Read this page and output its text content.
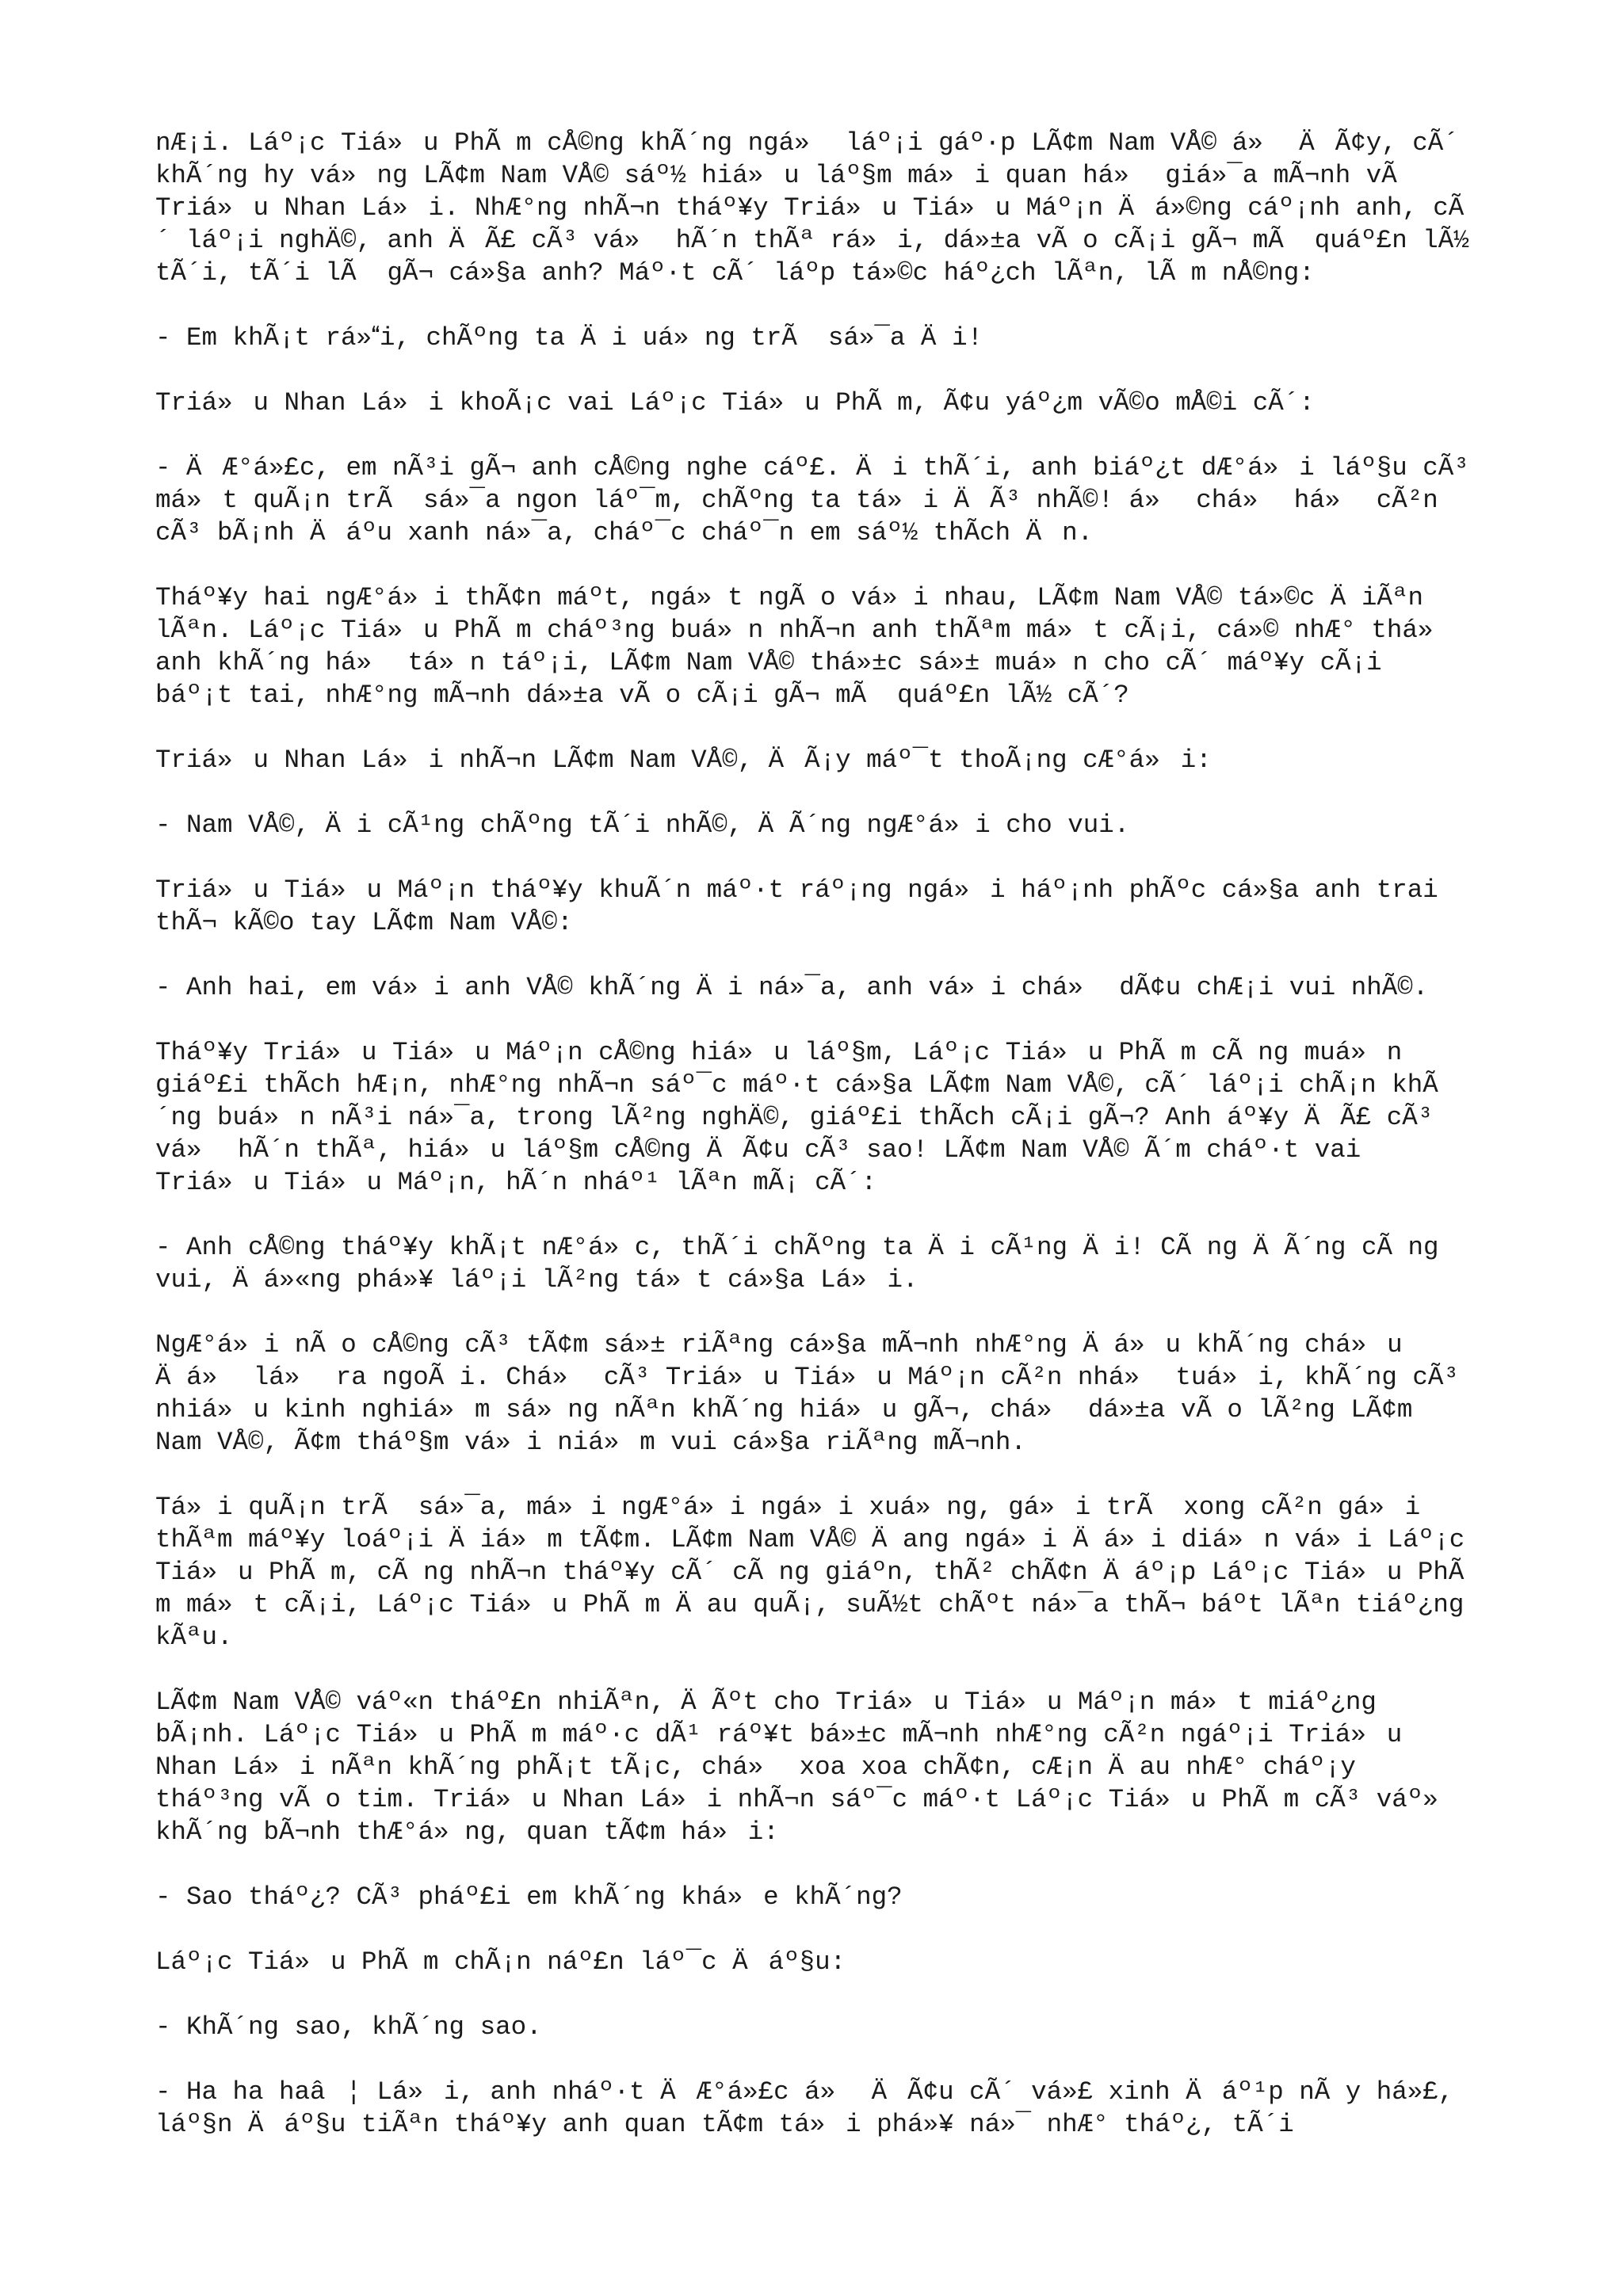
nÆ¡i. Láº¡c Tiá»u PhÃ m cÅ©ng khÃ´ng ngá» láº¡i gáº·p LÃ¢m Nam VÅ© á» ÄÃ¢y, cÃ´ khÃ´ng hy vá»ng LÃ¢m Nam VÅ© sáº½ hiá»u láº§m má»i quan há» giá»¯a mÃ¬nh vÃ  Triá»u Nhan Lá»i. NhÆ°ng nhÃ¬n tháº¥y Triá»u Tiá»u Máº¡n Äá»©ng cáº¡nh anh, cÃ´ láº¡i nghÄ©, anh ÄÃ£ cÃ³ vá» hÃ´n thÃª rá»i, dá»±a vÃ o cÃ¡i gÃ¬ mÃ  quáº£n lÃ½ tÃ´i, tÃ´i lÃ  gÃ¬ cá»§a anh? Máº·t cÃ´ láºp tá»©c háº¿ch lÃªn, lÃ m nÅ©ng:

- Em khÃ¡t rá»i, chÃºng ta Äi uá»ng trÃ  sá»¯a Äi!

Triá»u Nhan Lá»i khoÃ¡c vai Láº¡c Tiá»u PhÃ m, Ã¢u yáº¿m vÃ©o mÅ©i cÃ´:

- ÄÆ°á»£c, em nÃ³i gÃ¬ anh cÅ©ng nghe cáº£. Äi thÃ´i, anh biáº¿t dÆ°á»i láº§u cÃ³ má»t quÃ¡n trÃ  sá»¯a ngon láº¯m, chÃºng ta tá»i ÄÃ³ nhÃ©! á» chá» há» cÃ²n cÃ³ bÃ¡nh Äáºu xanh ná»¯a, cháº¯c cháº¯n em sáº½ thÃch Än.

Tháº¥y hai ngÆ°á»i thÃ¢n máºt, ngá»t ngÃ o vá»i nhau, LÃ¢m Nam VÅ© tá»©c ÄiÃªn lÃªn. Láº¡c Tiá»u PhÃ m cháº³ng buá»n nhÃ¬n anh thÃªm má»t cÃ¡i, cá»© nhÆ° thá» anh khÃ´ng há» tá»n táº¡i, LÃ¢m Nam VÅ© thá»±c sá»± muá»n cho cÃ´ máº¥y cÃ¡i báº¡t tai, nhÆ°ng mÃ¬nh dá»±a vÃ o cÃ¡i gÃ¬ mÃ  quáº£n lÃ½ cÃ´?

Triá»u Nhan Lá»i nhÃ¬n LÃ¢m Nam VÅ©, ÄÃ¡y máº¯t thoÃ¡ng cÆ°á»i:

- Nam VÅ©, Äi cÃ¹ng chÃºng tÃ´i nhÃ©, ÄÃ´ng ngÆ°á»i cho vui.

Triá»u Tiá»u Máº¡n tháº¥y khuÃ´n máº·t ráº¡ng ngá»i háº¡nh phÃºc cá»§a anh trai thÃ¬ kÃ©o tay LÃ¢m Nam VÅ©:

- Anh hai, em vá»i anh VÅ© khÃ´ng Äi ná»¯a, anh vá»i chá» dÃ¢u chÆ¡i vui nhÃ©.

Tháº¥y Triá»u Tiá»u Máº¡n cÅ©ng hiá»u láº§m, Láº¡c Tiá»u PhÃ m cÃ ng muá»n giáº£i thÃch hÆ¡n, nhÆ°ng nhÃ¬n sáº¯c máº·t cá»§a LÃ¢m Nam VÅ©, cÃ´ láº¡i chÃ¡n khÃ´ng buá»n nÃ³i ná»¯a, trong lÃ²ng nghÄ©, giáº£i thÃch cÃ¡i gÃ¬? Anh áº¥y ÄÃ£ cÃ³ vá» hÃ´n thÃª, hiá»u láº§m cÅ©ng ÄÃ¢u cÃ³ sao! LÃ¢m Nam VÅ© Ã´m cháº·t vai Triá»u Tiá»u Máº¡n, hÃ´n nháº¹ lÃªn mÃ¡ cÃ´:

- Anh cÅ©ng tháº¥y khÃ¡t nÆ°á»c, thÃ´i chÃºng ta Äi cÃ¹ng Äi! CÃ ng ÄÃ´ng cÃ ng vui, Äá»«ng phá»¥ láº¡i lÃ²ng tá»t cá»§a Lá»i.

NgÆ°á»i nÃ o cÅ©ng cÃ³ tÃ¢m sá»± riÃªng cá»§a mÃ¬nh nhÆ°ng Äá»u khÃ´ng chá»u Äá» lá» ra ngoÃ i. Chá» cÃ³ Triá»u Tiá»u Máº¡n cÃ²n nhá» tuá»i, khÃ´ng cÃ³ nhiá»u kinh nghiá»m sá»ng nÃªn khÃ´ng hiá»u gÃ¬, chá» dá»±a vÃ o lÃ²ng LÃ¢m Nam VÅ©, Ã¢m tháº§m vá»i niá»m vui cá»§a riÃªng mÃ¬nh.

Tá»i quÃ¡n trÃ  sá»¯a, má»i ngÆ°á»i ngá»i xuá»ng, gá»i trÃ  xong cÃ²n gá»i thÃªm máº¥y loáº¡i Äiá»m tÃ¢m. LÃ¢m Nam VÅ© Äang ngá»i Äá»i diá»n vá»i Láº¡c Tiá»u PhÃ m, cÃ ng nhÃ¬n tháº¥y cÃ´ cÃ ng giáºn, thÃ² chÃ¢n Äáº¡p Láº¡c Tiá»u PhÃ m má»t cÃ¡i, Láº¡c Tiá»u PhÃ m Äau quÃ¡, suÃ½t chÃºt ná»¯a thÃ¬ báºt lÃªn tiáº¿ng kÃªu.

LÃ¢m Nam VÅ© váº«n tháº£n nhiÃªn, ÄÃºt cho Triá»u Tiá»u Máº¡n má»t miáº¿ng bÃ¡nh. Láº¡c Tiá»u PhÃ m máº·c dÃ¹ ráº¥t bá»±c mÃ¬nh nhÆ°ng cÃ²n ngáº¡i Triá»u Nhan Lá»i nÃªn khÃ´ng phÃ¡t tÃ¡c, chá» xoa xoa chÃ¢n, cÆ¡n Äau nhÆ° cháº¡y tháº³ng vÃ o tim. Triá»u Nhan Lá»i nhÃ¬n sáº¯c máº·t Láº¡c Tiá»u PhÃ m cÃ³ váº» khÃ´ng bÃ¬nh thÆ°á»ng, quan tÃ¢m há»i:

- Sao tháº¿? CÃ³ pháº£i em khÃ´ng khá»e khÃ´ng?

Láº¡c Tiá»u PhÃ m chÃ¡n náº£n láº¯c Äáº§u:

- KhÃ´ng sao, khÃ´ng sao.

- Ha ha haâ¦ Lá»i, anh nháº·t ÄÆ°á»£c á» ÄÃ¢u cÃ´ vá»£ xinh Äáº¹p nÃ y há»£, láº§n Äáº§u tiÃªn tháº¥y anh quan tÃ¢m tá»i phá»¥ ná»¯ nhÆ° tháº¿, tÃ´i
